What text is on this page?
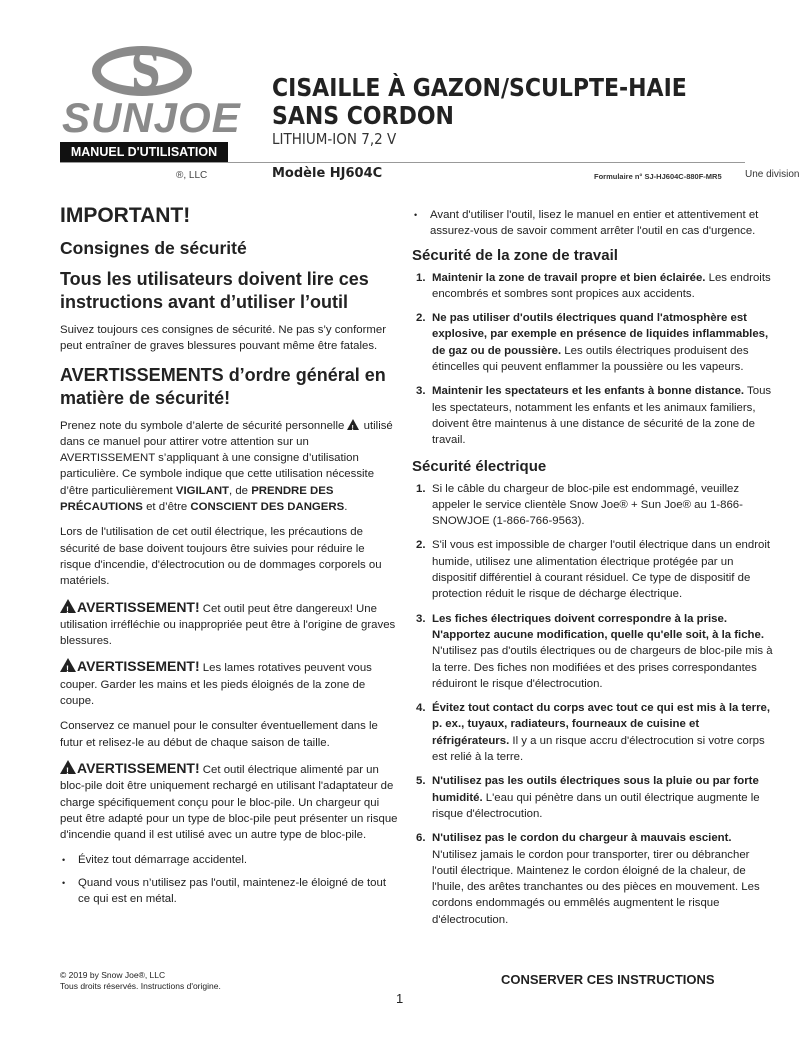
S
SUNJOE
MANUEL D'UTILISATION
CISAILLE À GAZON/SCULPTE-HAIE
SANS CORDON
LITHIUM-ION 7,2 V
®, LLC	Modèle HJ604C	Formulaire n° SJ-HJ604C-880F-MR5 Une division
IMPORTANT!
Consignes de sécurité
Tous les utilisateurs doivent lire ces instructions avant d’utiliser l’outil
Suivez toujours ces consignes de sécurité. Ne pas s’y conformer peut entraîner de graves blessures pouvant même être fatales.
AVERTISSEMENTS d’ordre général en matière de sécurité!
Prenez note du symbole d’alerte de sécurité personnelle ! utilisé dans ce manuel pour attirer votre attention sur un AVERTISSEMENT s’appliquant à une consigne d’utilisation particulière. Ce symbole indique que cette utilisation nécessite d’être particulièrement VIGILANT, de PRENDRE DES PRÉCAUTIONS et d’être CONSCIENT DES DANGERS.
Lors de l'utilisation de cet outil électrique, les précautions de sécurité de base doivent toujours être suivies pour réduire le risque d'incendie, d'électrocution ou de dommages corporels ou matériels.
!AVERTISSEMENT! Cet outil peut être dangereux! Une utilisation irréfléchie ou inappropriée peut être à l'origine de graves blessures.
!AVERTISSEMENT! Les lames rotatives peuvent vous couper. Garder les mains et les pieds éloignés de la zone de coupe.
Conservez ce manuel pour le consulter éventuellement dans le futur et relisez-le au début de chaque saison de taille.
!AVERTISSEMENT! Cet outil électrique alimenté par un bloc-pile doit être uniquement rechargé en utilisant l'adaptateur de charge spécifiquement conçu pour le bloc-pile. Un chargeur qui peut être adapté pour un type de bloc-pile peut présenter un risque d'incendie quand il est utilisé avec un autre type de bloc-pile.
• Évitez tout démarrage accidentel.
• Quand vous n’utilisez pas l'outil, maintenez-le éloigné de tout ce qui est en métal.
• Avant d'utiliser l'outil, lisez le manuel en entier et attentivement et assurez-vous de savoir comment arrêter l'outil en cas d'urgence.
Sécurité de la zone de travail
1. Maintenir la zone de travail propre et bien éclairée. Les endroits encombrés et sombres sont propices aux accidents.
2. Ne pas utiliser d'outils électriques quand l'atmosphère est explosive, par exemple en présence de liquides inflammables, de gaz ou de poussière. Les outils électriques produisent des étincelles qui peuvent enflammer la poussière ou les vapeurs.
3. Maintenir les spectateurs et les enfants à bonne distance. Tous les spectateurs, notamment les enfants et les animaux familiers, doivent être maintenus à une distance de sécurité de la zone de travail.
Sécurité électrique
1. Si le câble du chargeur de bloc-pile est endommagé, veuillez appeler le service clientèle Snow Joe® + Sun Joe® au 1-866-SNOWJOE (1-866-766-9563).
2. S'il vous est impossible de charger l'outil électrique dans un endroit humide, utilisez une alimentation électrique protégée par un dispositif différentiel à courant résiduel. Ce type de dispositif de protection réduit le risque de décharge électrique.
3. Les fiches électriques doivent correspondre à la prise. N'apportez aucune modification, quelle qu'elle soit, à la fiche. N'utilisez pas d'outils électriques ou de chargeurs de bloc-pile mis à la terre. Des fiches non modifiées et des prises correspondantes réduiront le risque d'électrocution.
4. Évitez tout contact du corps avec tout ce qui est mis à la terre, p. ex., tuyaux, radiateurs, fourneaux de cuisine et réfrigérateurs. Il y a un risque accru d'électrocution si votre corps est relié à la terre.
5. N'utilisez pas les outils électriques sous la pluie ou par forte humidité. L'eau qui pénètre dans un outil électrique augmente le risque d'électrocution.
6. N'utilisez pas le cordon du chargeur à mauvais escient. N'utilisez jamais le cordon pour transporter, tirer ou débrancher l'outil électrique. Maintenez le cordon éloigné de la chaleur, de l'huile, des arêtes tranchantes ou des pièces en mouvement. Les cordons endommagés ou emmêlés augmentent le risque d'électrocution.
© 2019 by Snow Joe®, LLC
Tous droits réservés. Instructions d'origine.	CONSERVER CES INSTRUCTIONS
1
